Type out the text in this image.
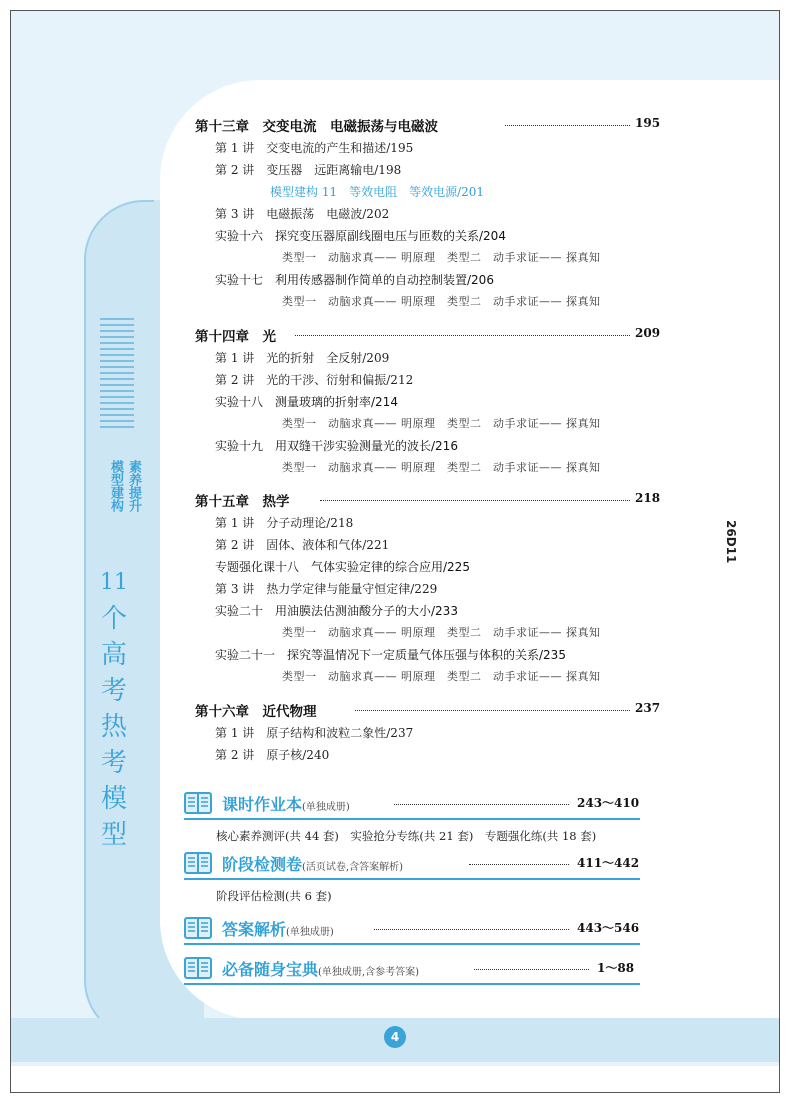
素养提升
模型建构
11
个
高
考
热
考
模
型
4
26D11
第十三章　交变电流　电磁振荡与电磁波	195
第 1 讲　交变电流的产生和描述/195
第 2 讲　变压器　远距离输电/198
模型建构 11　等效电阻　等效电源/201
第 3 讲　电磁振荡　电磁波/202
实验十六　探究变压器原副线圈电压与匝数的关系/204
类型一　动脑求真—— 明原理　类型二　动手求证—— 探真知
实验十七　利用传感器制作简单的自动控制装置/206
类型一　动脑求真—— 明原理　类型二　动手求证—— 探真知
第十四章　光	209
第 1 讲　光的折射　全反射/209
第 2 讲　光的干涉、衍射和偏振/212
实验十八　测量玻璃的折射率/214
类型一　动脑求真—— 明原理　类型二　动手求证—— 探真知
实验十九　用双缝干涉实验测量光的波长/216
类型一　动脑求真—— 明原理　类型二　动手求证—— 探真知
第十五章　热学	218
第 1 讲　分子动理论/218
第 2 讲　固体、液体和气体/221
专题强化课十八　气体实验定律的综合应用/225
第 3 讲　热力学定律与能量守恒定律/229
实验二十　用油膜法估测油酸分子的大小/233
类型一　动脑求真—— 明原理　类型二　动手求证—— 探真知
实验二十一　探究等温情况下一定质量气体压强与体积的关系/235
类型一　动脑求真—— 明原理　类型二　动手求证—— 探真知
第十六章　近代物理	237
第 1 讲　原子结构和波粒二象性/237
第 2 讲　原子核/240
课时作业本(单独成册)	243～410
核心素养测评(共 44 套)　实验抢分专练(共 21 套)　专题强化练(共 18 套)
阶段检测卷(活页试卷,含答案解析)	411～442
阶段评估检测(共 6 套)
答案解析(单独成册)	443～546
必备随身宝典(单独成册,含参考答案)	1～88
